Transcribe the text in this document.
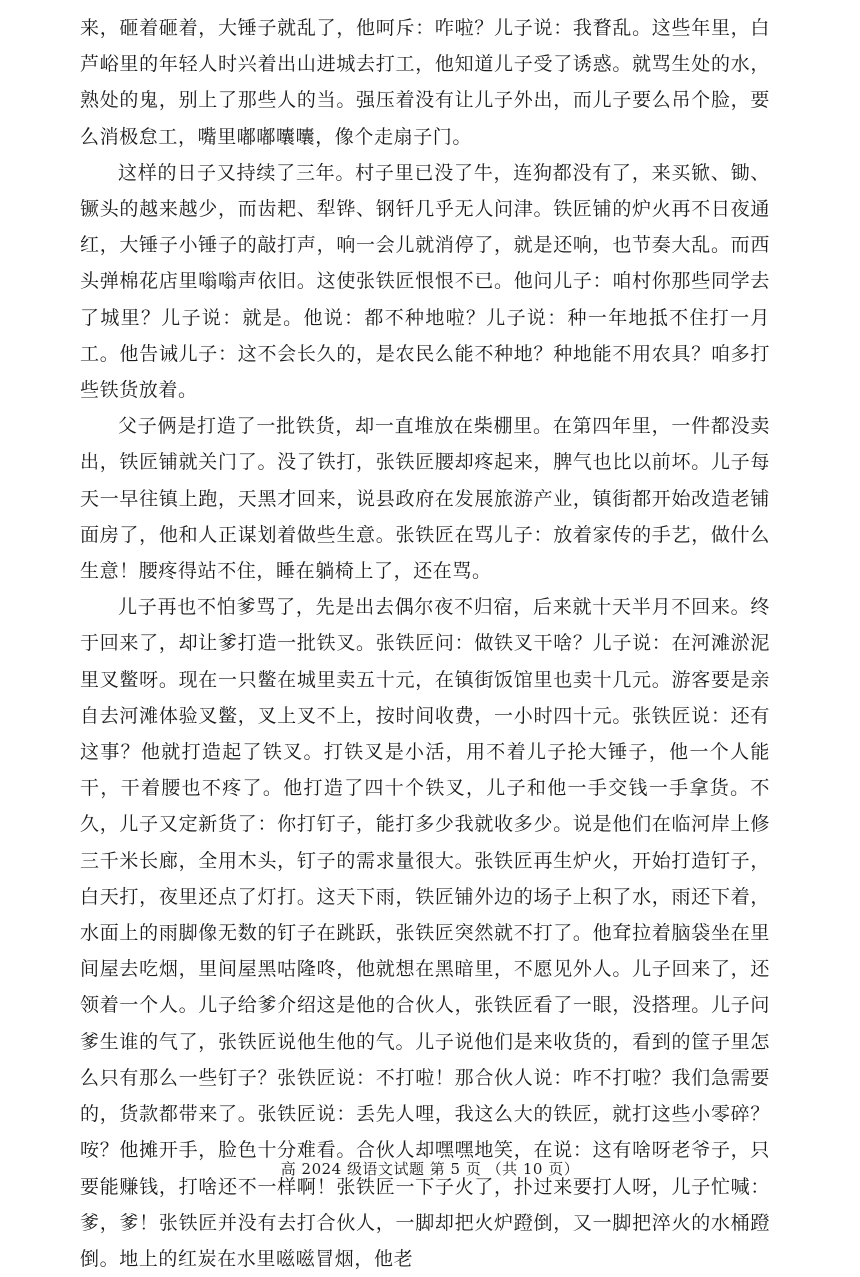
来，砸着砸着，大锤子就乱了，他呵斥：咋啦？儿子说：我瞀乱。这些年里，白芦峪里的年轻人时兴着出山进城去打工，他知道儿子受了诱惑。就骂生处的水，熟处的鬼，别上了那些人的当。强压着没有让儿子外出，而儿子要么吊个脸，要么消极怠工，嘴里嘟嘟囔囔，像个走扇子门。

这样的日子又持续了三年。村子里已没了牛，连狗都没有了，来买锨、锄、镢头的越来越少，而齿耙、犁铧、钢钎几乎无人问津。铁匠铺的炉火再不日夜通红，大锤子小锤子的敲打声，响一会儿就消停了，就是还响，也节奏大乱。而西头弹棉花店里嗡嗡声依旧。这使张铁匠恨恨不已。他问儿子：咱村你那些同学去了城里？儿子说：就是。他说：都不种地啦？儿子说：种一年地抵不住打一月工。他告诫儿子：这不会长久的，是农民么能不种地？种地能不用农具？咱多打些铁货放着。

父子俩是打造了一批铁货，却一直堆放在柴棚里。在第四年里，一件都没卖出，铁匠铺就关门了。没了铁打，张铁匠腰却疼起来，脾气也比以前坏。儿子每天一早往镇上跑，天黑才回来，说县政府在发展旅游产业，镇街都开始改造老铺面房了，他和人正谋划着做些生意。张铁匠在骂儿子：放着家传的手艺，做什么生意！腰疼得站不住，睡在躺椅上了，还在骂。

儿子再也不怕爹骂了，先是出去偶尔夜不归宿，后来就十天半月不回来。终于回来了，却让爹打造一批铁叉。张铁匠问：做铁叉干啥？儿子说：在河滩淤泥里叉鳖呀。现在一只鳖在城里卖五十元，在镇街饭馆里也卖十几元。游客要是亲自去河滩体验叉鳖，叉上叉不上，按时间收费，一小时四十元。张铁匠说：还有这事？他就打造起了铁叉。打铁叉是小活，用不着儿子抡大锤子，他一个人能干，干着腰也不疼了。他打造了四十个铁叉，儿子和他一手交钱一手拿货。不久，儿子又定新货了：你打钉子，能打多少我就收多少。说是他们在临河岸上修三千米长廊，全用木头，钉子的需求量很大。张铁匠再生炉火，开始打造钉子，白天打，夜里还点了灯打。这天下雨，铁匠铺外边的场子上积了水，雨还下着，水面上的雨脚像无数的钉子在跳跃，张铁匠突然就不打了。他耷拉着脑袋坐在里间屋去吃烟，里间屋黑咕隆咚，他就想在黑暗里，不愿见外人。儿子回来了，还领着一个人。儿子给爹介绍这是他的合伙人，张铁匠看了一眼，没搭理。儿子问爹生谁的气了，张铁匠说他生他的气。儿子说他们是来收货的，看到的筐子里怎么只有那么一些钉子？张铁匠说：不打啦！那合伙人说：咋不打啦？我们急需要的，货款都带来了。张铁匠说：丢先人哩，我这么大的铁匠，就打这些小零碎？咹？他摊开手，脸色十分难看。合伙人却嘿嘿地笑，在说：这有啥呀老爷子，只要能赚钱，打啥还不一样啊！张铁匠一下子火了，扑过来要打人呀，儿子忙喊：爹，爹！张铁匠并没有去打合伙人，一脚却把火炉蹬倒，又一脚把淬火的水桶蹬倒。地上的红炭在水里嗞嗞冒烟，他老

高 2024 级语文试题 第 5 页 （共 10 页）
